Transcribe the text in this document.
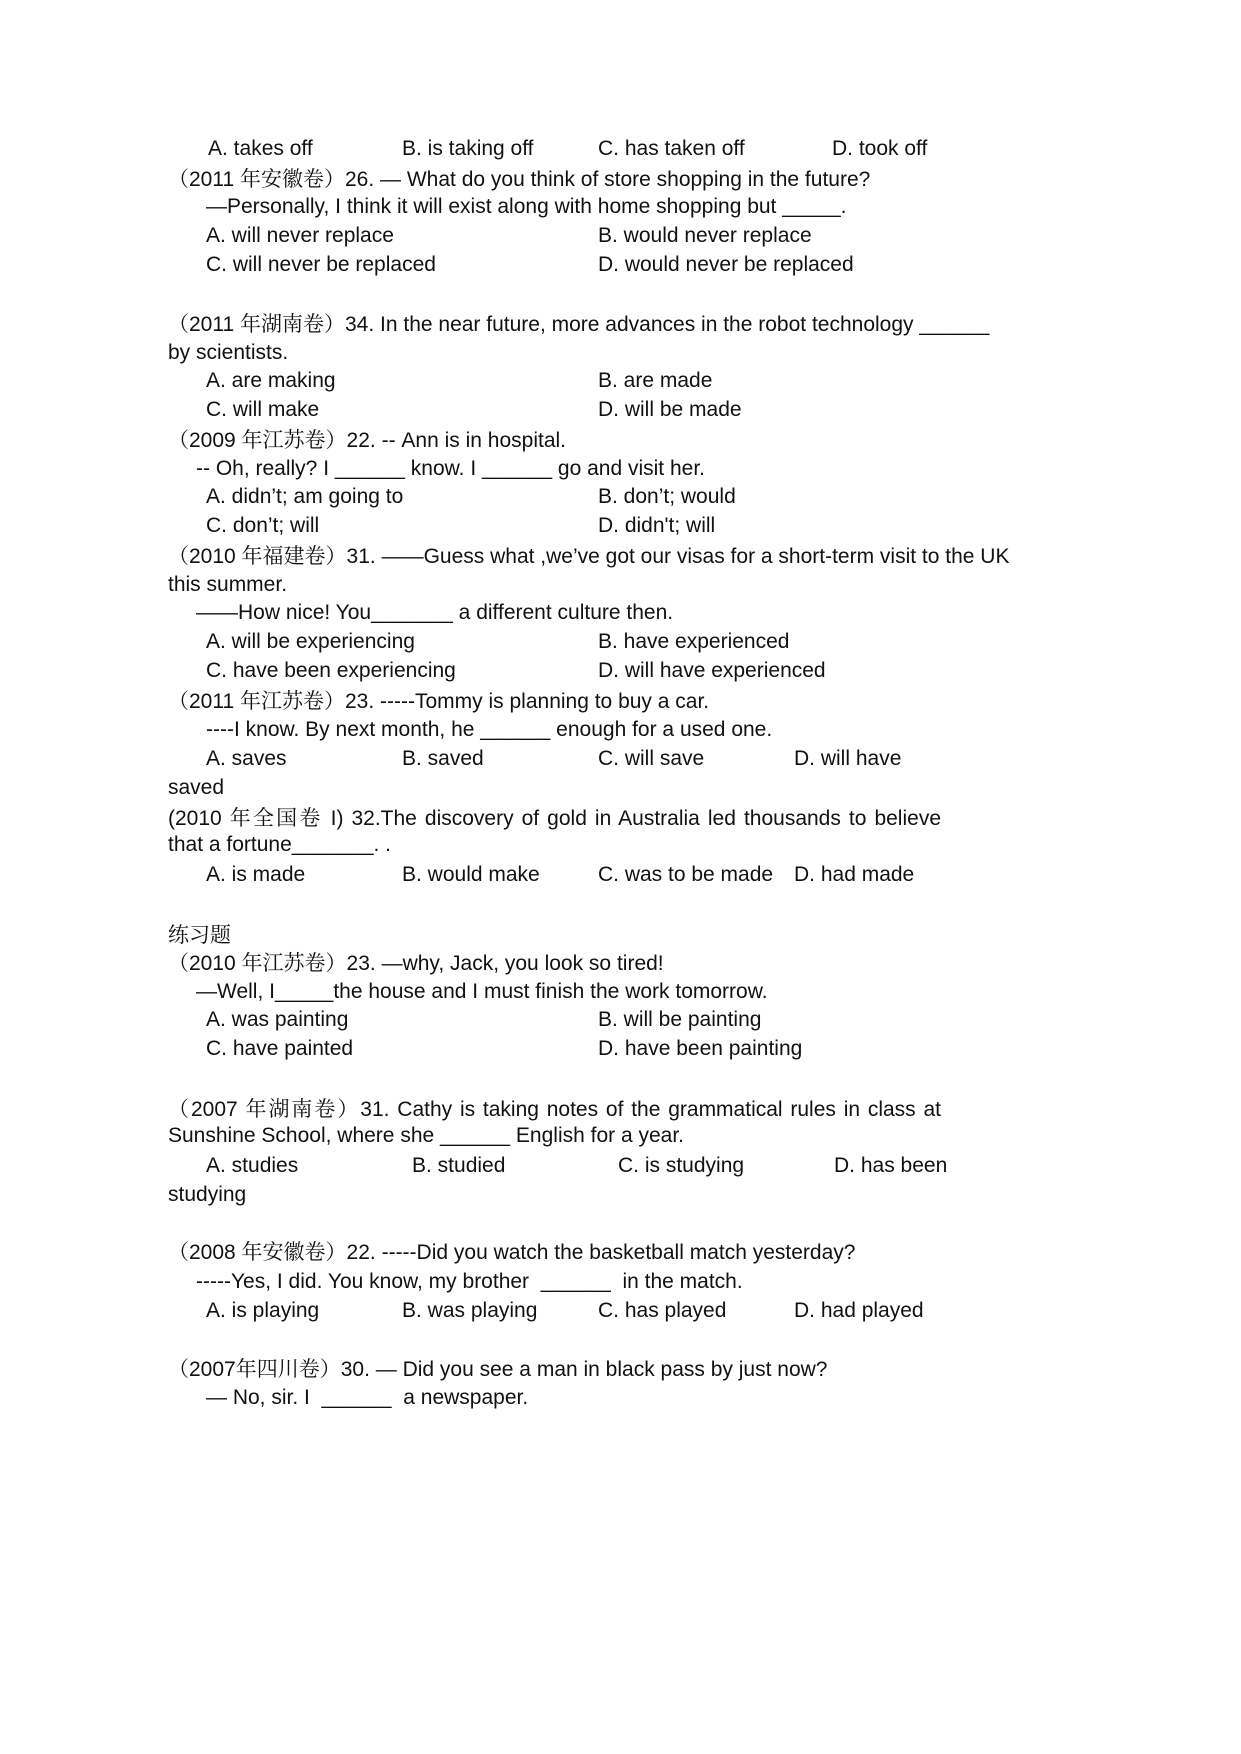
A. takes off	B. is taking off	C. has taken off	D. took off
（2011 年安徽卷）26. — What do you think of store shopping in the future?
—Personally, I think it will exist along with home shopping but _____.
A. will never replace	B. would never replace
C. will never be replaced	D. would never be replaced
（2011 年湖南卷）34. In the near future, more advances in the robot technology ______
by scientists.
A. are making	B. are made
C. will make	D. will be made
（2009 年江苏卷）22. -- Ann is in hospital.
-- Oh, really? I ______ know. I ______ go and visit her.
A. didn’t; am going to	B. don’t; would
C. don’t; will	D. didn't; will
（2010 年福建卷）31. ——Guess what ,we’ve got our visas for a short-term visit to the UK
this summer.
——How nice! You_______ a different culture then.
A. will be experiencing	B. have experienced
C. have been experiencing	D. will have experienced
（2011 年江苏卷）23. -----Tommy is planning to buy a car.
----I know. By next month, he ______ enough for a used one.
A. saves	B. saved	C. will save	D. will have
saved
(2010 年全国卷 I) 32.The discovery of gold in Australia led thousands to believe that a fortune_______. .
A. is made	B. would make	C. was to be made D. had made
练习题
（2010 年江苏卷）23. —why, Jack, you look so tired!
—Well, I_____the house and I must finish the work tomorrow.
A. was painting	B. will be painting
C. have painted	D. have been painting
（2007 年湖南卷）31. Cathy is taking notes of the grammatical rules in class at Sunshine School, where she ______ English for a year.
A. studies	B. studied	C. is studying	D. has been
studying
（2008 年安徽卷）22. -----Did you watch the basketball match yesterday?
-----Yes, I did. You know, my brother  ______  in the match.
A. is playing	B. was playing	C. has played	D. had played
（2007年四川卷）30. — Did you see a man in black pass by just now?
— No, sir. I  ______  a newspaper.
